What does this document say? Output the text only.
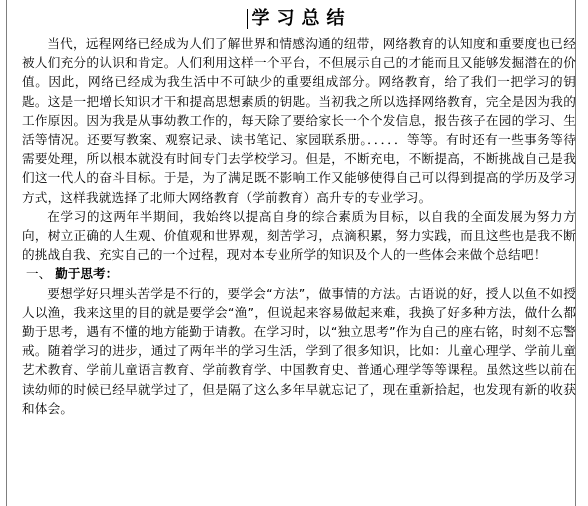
学习总结

当代，远程网络已经成为人们了解世界和情感沟通的纽带，网络教育的认知度和重要度也已经被人们充分的认识和肯定。人们利用这样一个平台，不但展示自己的才能而且又能够发掘潜在的价值。因此，网络已经成为我生活中不可缺少的重要组成部分。网络教育，给了我们一把学习的钥匙。这是一把增长知识才干和提高思想素质的钥匙。当初我之所以选择网络教育，完全是因为我的工作原因。因为我是从事幼教工作的，每天除了要给家长一个个发信息，报告孩子在园的学习、生活等情况。还要写教案、观察记录、读书笔记、家园联系册。．．．．．等等。有时还有一些事务等待需要处理，所以根本就没有时间专门去学校学习。但是，不断充电，不断提高，不断挑战自己是我们这一代人的奋斗目标。于是，为了满足既不影响工作又能够使得自己可以得到提高的学历及学习方式，这样我就选择了北师大网络教育（学前教育）高升专的专业学习。

在学习的这两年半期间，我始终以提高自身的综合素质为目标，以自我的全面发展为努力方向，树立正确的人生观、价值观和世界观，刻苦学习，点滴积累，努力实践，而且这些也是我不断的挑战自我、充实自己的一个过程，现对本专业所学的知识及个人的一些体会来做个总结吧！

一、 勤于思考：

要想学好只埋头苦学是不行的，要学会“方法”，做事情的方法。古语说的好，授人以鱼不如授人以渔，我来这里的目的就是要学会“渔”，但说起来容易做起来难，我换了好多种方法，做什么都勤于思考，遇有不懂的地方能勤于请教。在学习时，以“独立思考”作为自己的座右铭，时刻不忘警戒。随着学习的进步，通过了两年半的学习生活，学到了很多知识，比如：儿童心理学、学前儿童艺术教育、学前儿童语言教育、学前教育学、中国教育史、普通心理学等等课程。虽然这些以前在读幼师的时候已经早就学过了，但是隔了这么多年早就忘记了，现在重新拾起，也发现有新的收获和体会。
